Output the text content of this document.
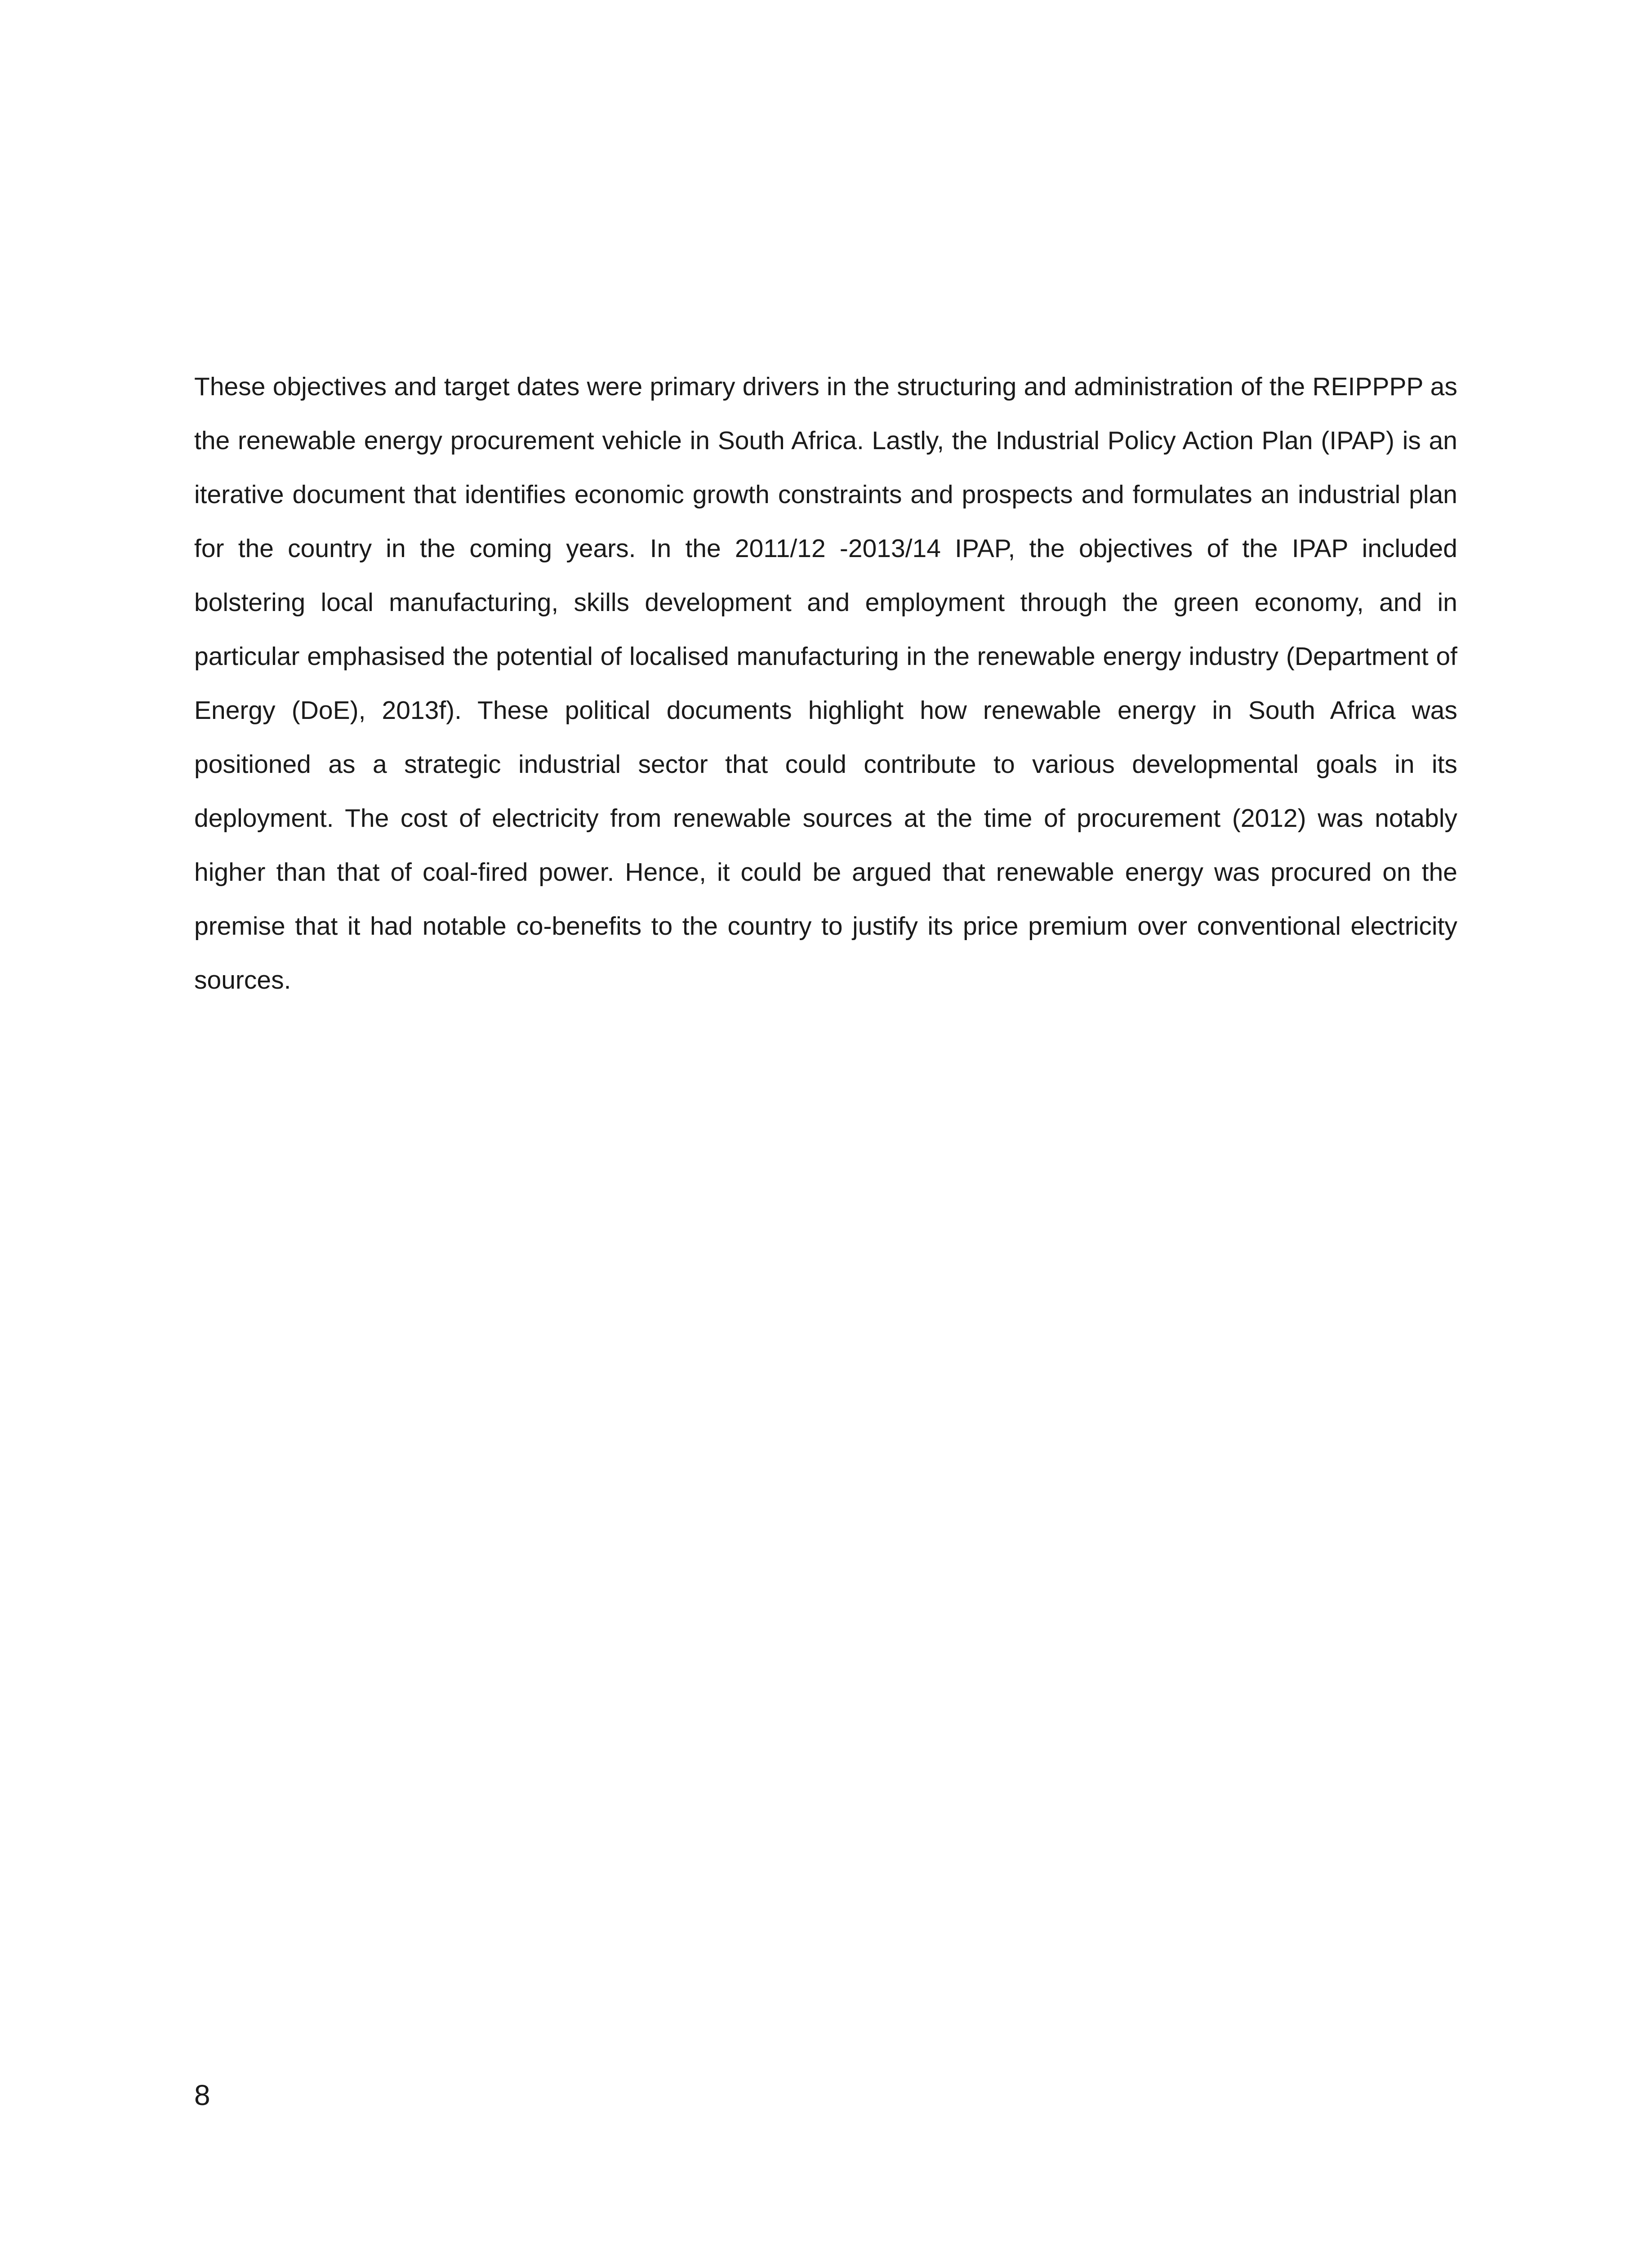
These objectives and target dates were primary drivers in the structuring and administration of the REIPPPP as the renewable energy procurement vehicle in South Africa. Lastly, the Industrial Policy Action Plan (IPAP) is an iterative document that identifies economic growth constraints and prospects and formulates an industrial plan for the country in the coming years. In the 2011/12 -2013/14 IPAP, the objectives of the IPAP included bolstering local manufacturing, skills development and employment through the green economy, and in particular emphasised the potential of localised manufacturing in the renewable energy industry (Department of Energy (DoE), 2013f). These political documents highlight how renewable energy in South Africa was positioned as a strategic industrial sector that could contribute to various developmental goals in its deployment. The cost of electricity from renewable sources at the time of procurement (2012) was notably higher than that of coal-fired power. Hence, it could be argued that renewable energy was procured on the premise that it had notable co-benefits to the country to justify its price premium over conventional electricity sources.

8
